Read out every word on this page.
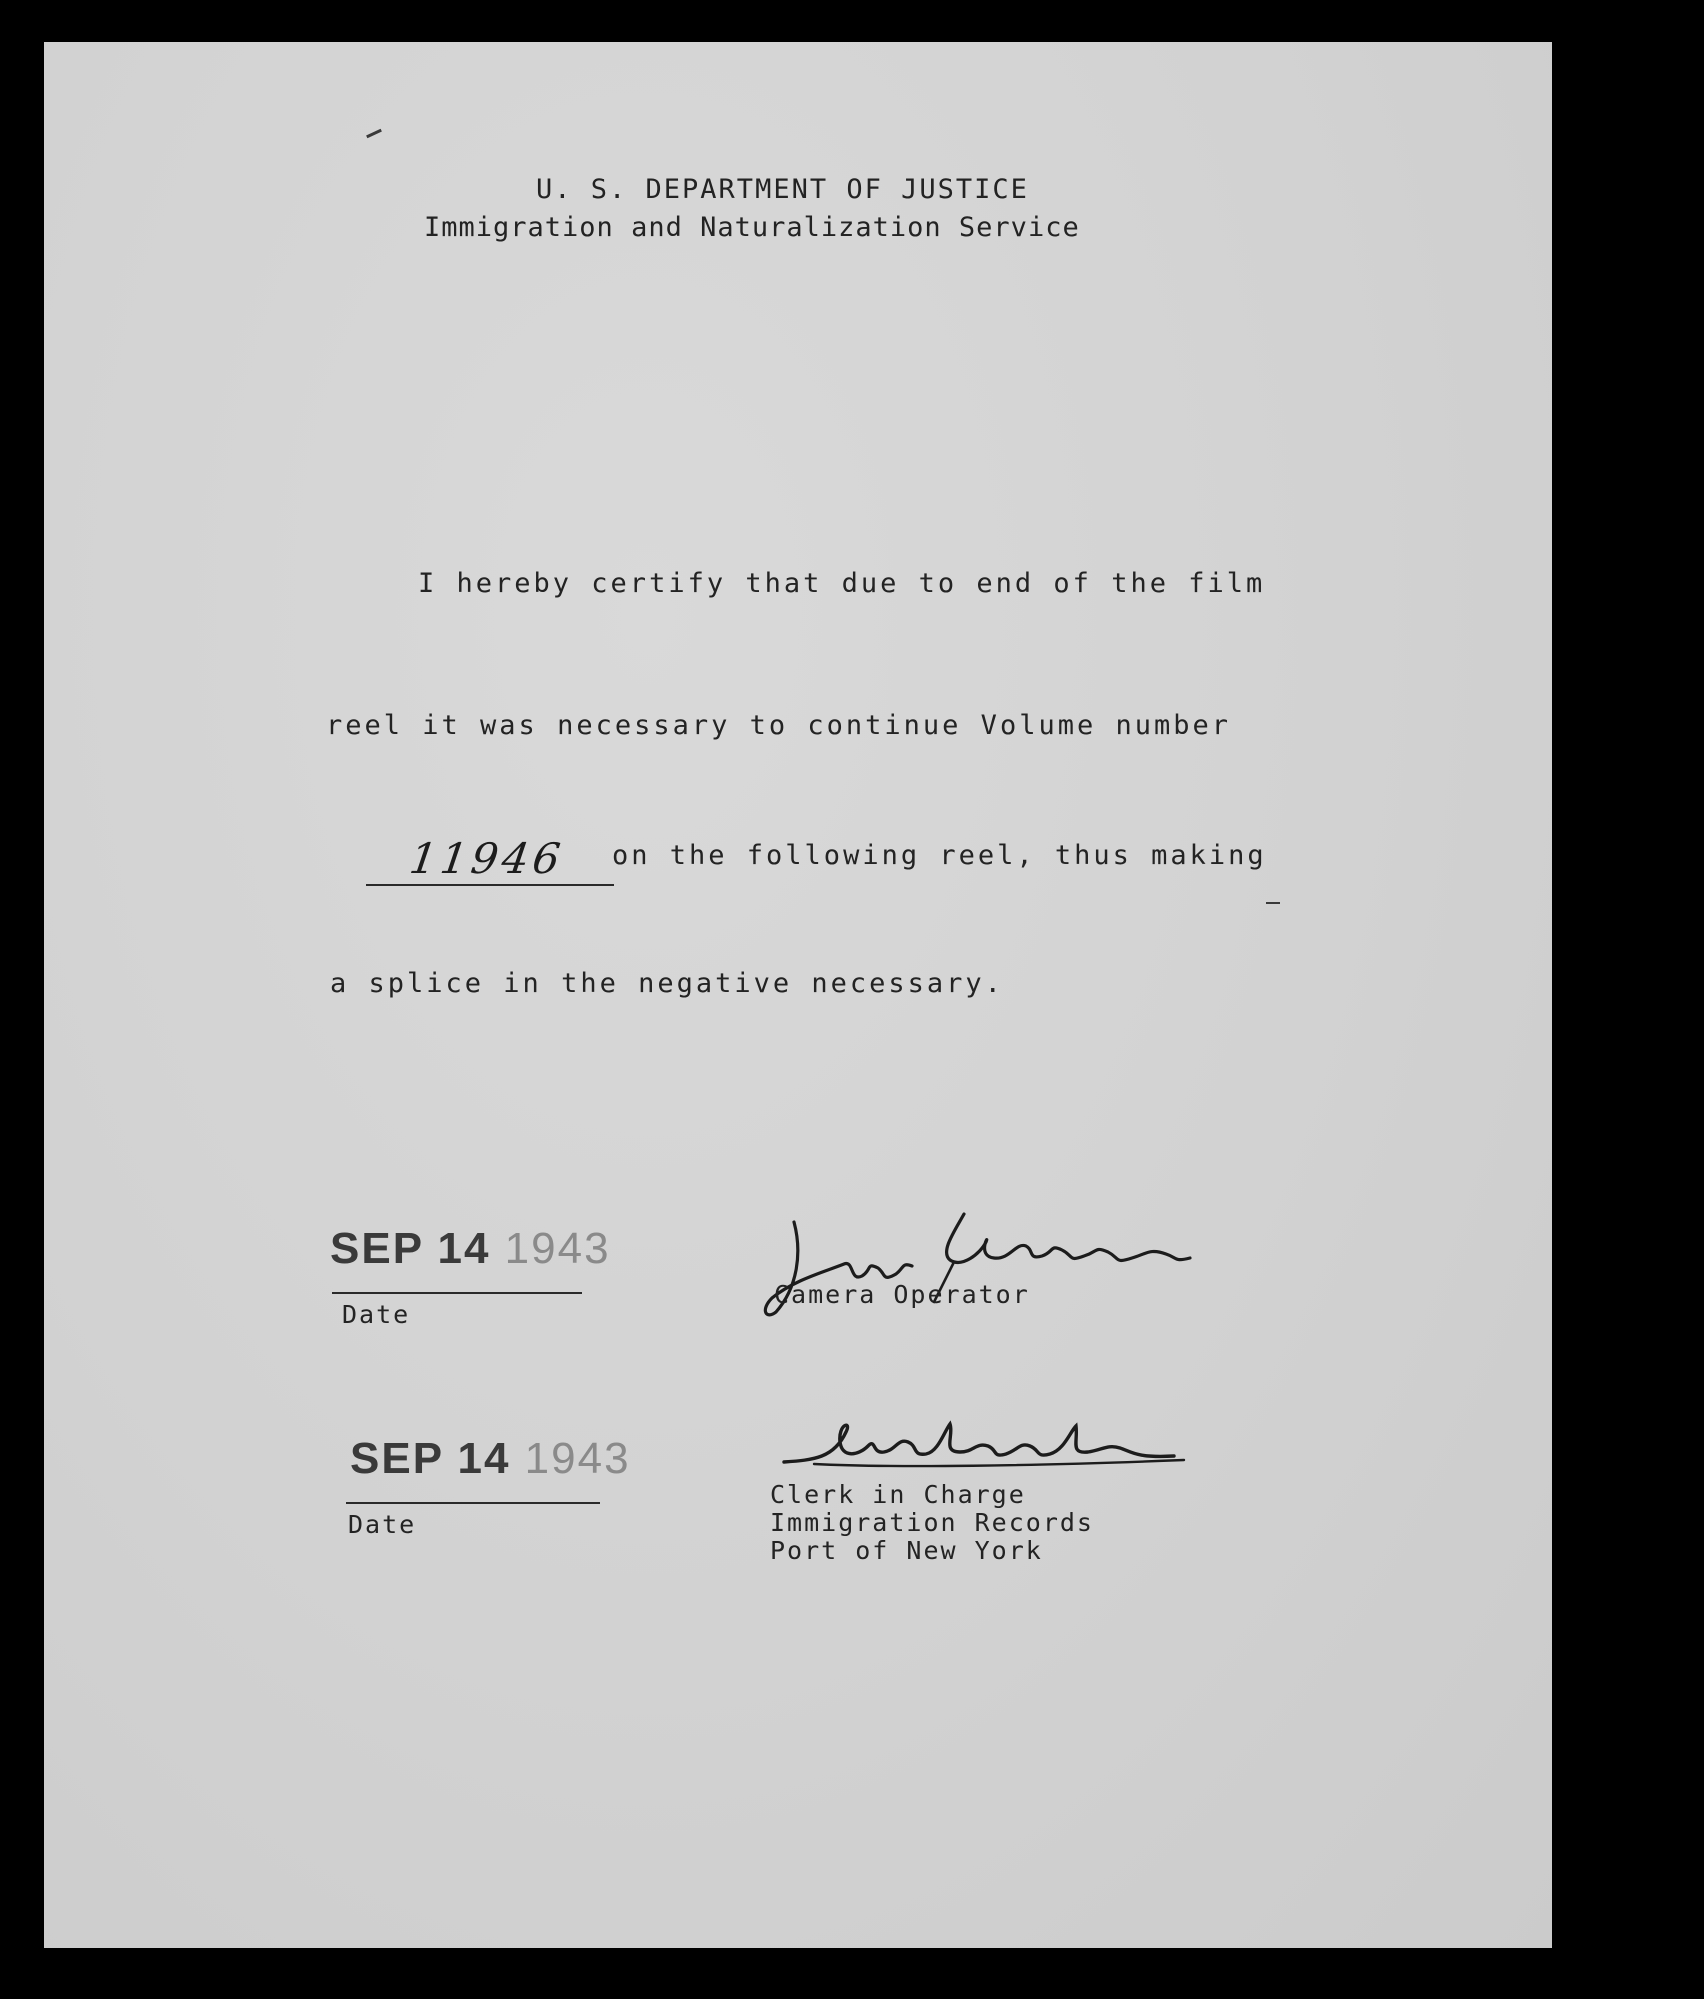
U. S. DEPARTMENT OF JUSTICE
Immigration and Naturalization Service
I hereby certify that due to end of the film
reel it was necessary to continue Volume number
11946 on the following reel, thus making
a splice in the negative necessary.
SEP 14 1943
Date
SEP 14 1943
Date
Camera Operator
Clerk in Charge
Immigration Records
Port of New York
